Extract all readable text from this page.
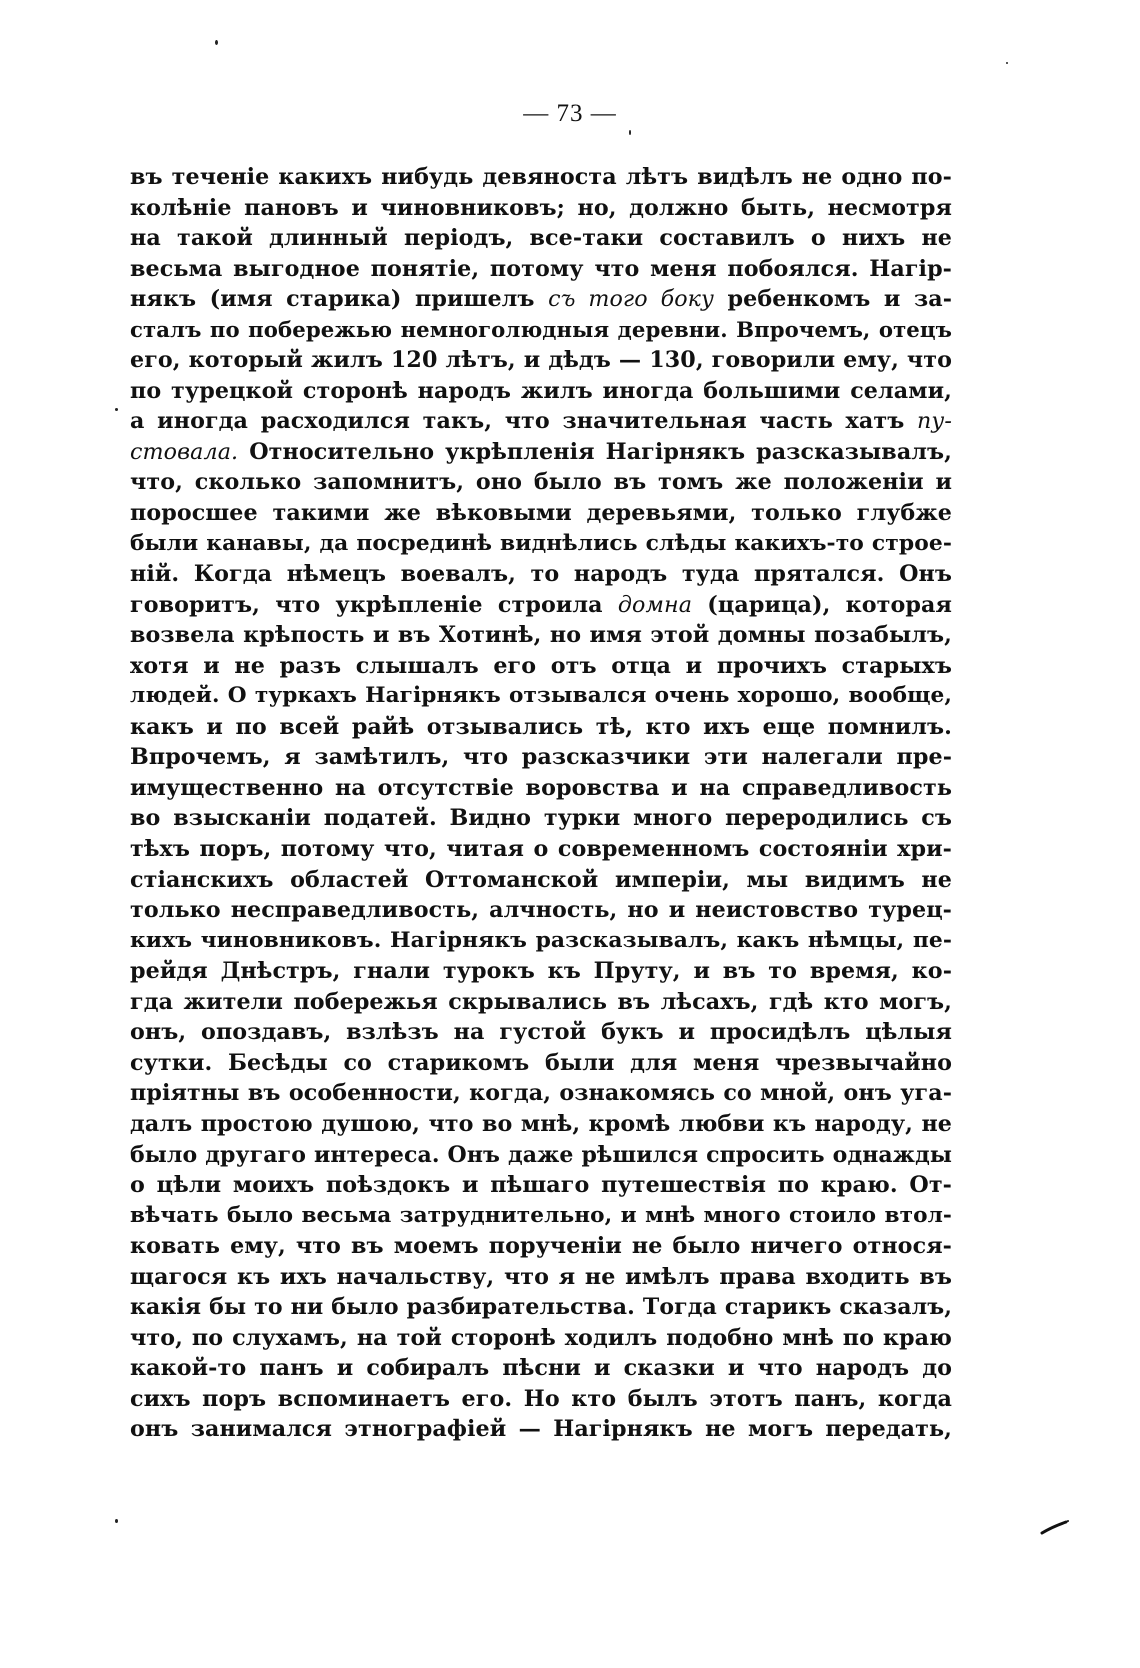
— 73 —
въ теченіе какихъ нибудь девяноста лѣтъ видѣлъ не одно по-
колѣніе пановъ и чиновниковъ; но, должно быть, несмотря
на такой длинный періодъ, все-таки составилъ о нихъ не
весьма выгодное понятіе, потому что меня побоялся. Нагір-
някъ (имя старика) пришелъ съ того боку ребенкомъ и за-
сталъ по побережью немноголюдныя деревни. Впрочемъ, отецъ
его, который жилъ 120 лѣтъ, и дѣдъ — 130, говорили ему, что
по турецкой сторонѣ народъ жилъ иногда большими селами,
а иногда расходился такъ, что значительная часть хатъ пу-
стовала. Относительно укрѣпленія Нагірнякъ разсказывалъ,
что, сколько запомнитъ, оно было въ томъ же положеніи и
поросшее такими же вѣковыми деревьями, только глубже
были канавы, да посрединѣ виднѣлись слѣды какихъ-то строе-
ній. Когда нѣмецъ воевалъ, то народъ туда прятался. Онъ
говоритъ, что укрѣпленіе строила домна (царица), которая
возвела крѣпость и въ Хотинѣ, но имя этой домны позабылъ,
хотя и не разъ слышалъ его отъ отца и прочихъ старыхъ
людей. О туркахъ Нагірнякъ отзывался очень хорошо, вообще,
какъ и по всей райѣ отзывались тѣ, кто ихъ еще помнилъ.
Впрочемъ, я замѣтилъ, что разсказчики эти налегали пре-
имущественно на отсутствіе воровства и на справедливость
во взысканіи податей. Видно турки много переродились съ
тѣхъ поръ, потому что, читая о современномъ состояніи хри-
стіанскихъ областей Оттоманской имперіи, мы видимъ не
только несправедливость, алчность, но и неистовство турец-
кихъ чиновниковъ. Нагірнякъ разсказывалъ, какъ нѣмцы, пе-
рейдя Днѣстръ, гнали турокъ къ Пруту, и въ то время, ко-
гда жители побережья скрывались въ лѣсахъ, гдѣ кто могъ,
онъ, опоздавъ, взлѣзъ на густой букъ и просидѣлъ цѣлыя
сутки. Бесѣды со старикомъ были для меня чрезвычайно
пріятны въ особенности, когда, ознакомясь со мной, онъ уга-
далъ простою душою, что во мнѣ, кромѣ любви къ народу, не
было другаго интереса. Онъ даже рѣшился спросить однажды
о цѣли моихъ поѣздокъ и пѣшаго путешествія по краю. От-
вѣчать было весьма затруднительно, и мнѣ много стоило втол-
ковать ему, что въ моемъ порученіи не было ничего относя-
щагося къ ихъ начальству, что я не имѣлъ права входить въ
какія бы то ни было разбирательства. Тогда старикъ сказалъ,
что, по слухамъ, на той сторонѣ ходилъ подобно мнѣ по краю
какой-то панъ и собиралъ пѣсни и сказки и что народъ до
сихъ поръ вспоминаетъ его. Но кто былъ этотъ панъ, когда
онъ занимался этнографіей — Нагірнякъ не могъ передать,
